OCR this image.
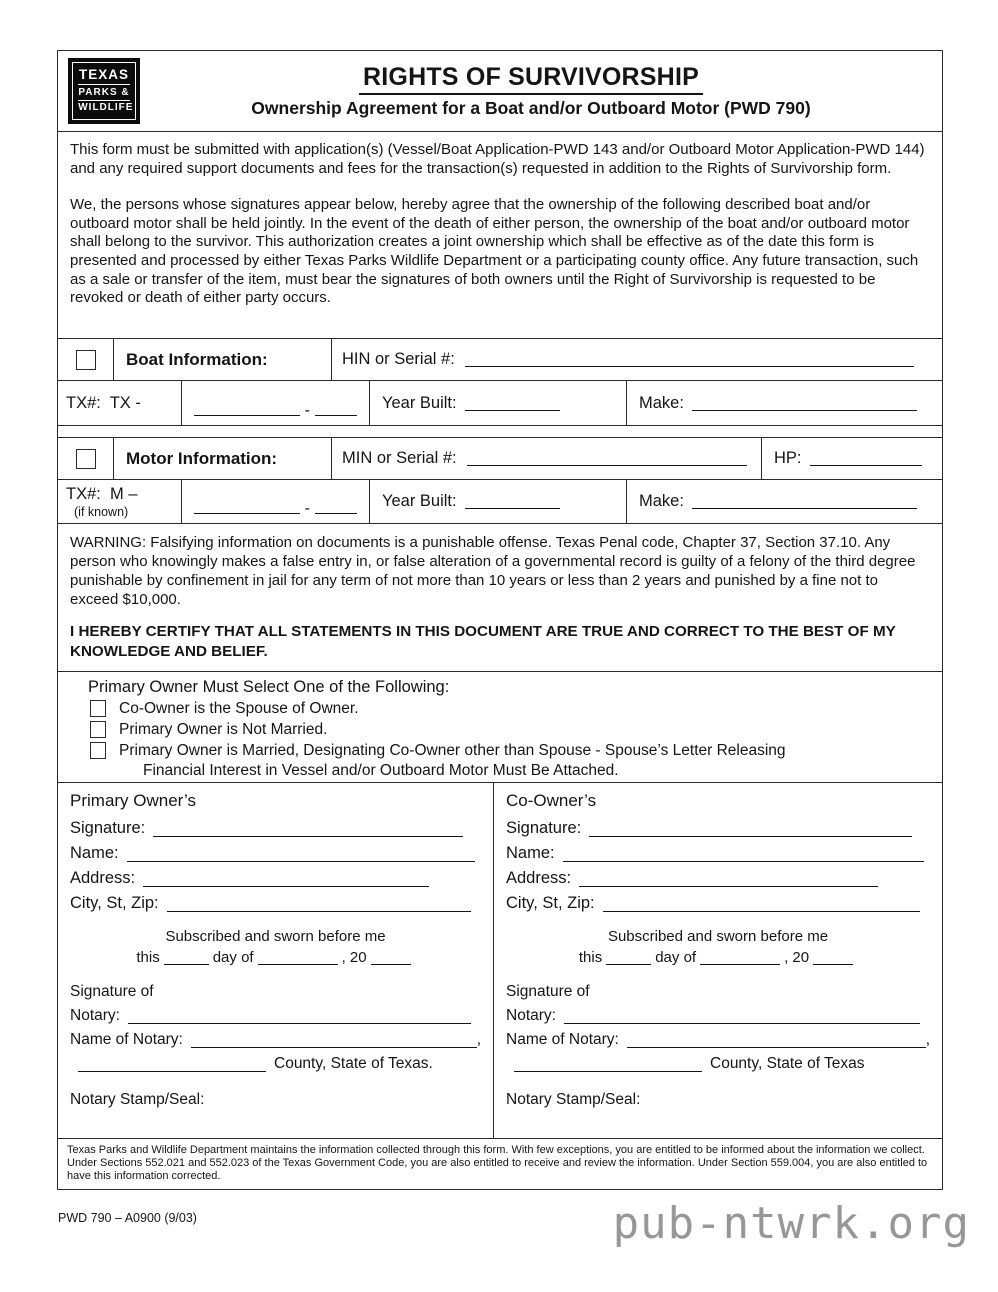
TEXAS
PARKS &
WILDLIFE
RIGHTS OF SURVIVORSHIP
Ownership Agreement for a Boat and/or Outboard Motor (PWD 790)

This form must be submitted with application(s) (Vessel/Boat Application-PWD 143 and/or Outboard Motor Application-PWD 144) and any required support documents and fees for the transaction(s) requested in addition to the Rights of Survivorship form.

We, the persons whose signatures appear below, hereby agree that the ownership of the following described boat and/or outboard motor shall be held jointly. In the event of the death of either person, the ownership of the boat and/or outboard motor shall belong to the survivor. This authorization creates a joint ownership which shall be effective as of the date this form is presented and processed by either Texas Parks Wildlife Department or a participating county office. Any future transaction, such as a sale or transfer of the item, must bear the signatures of both owners until the Right of Survivorship is requested to be revoked or death of either party occurs.

Boat Information:	HIN or Serial #:
TX#:  TX -	-	Year Built:	Make:
Motor Information:	MIN or Serial #:	HP:
TX#:  M –
(if known)	-	Year Built:	Make:
WARNING: Falsifying information on documents is a punishable offense. Texas Penal code, Chapter 37, Section 37.10. Any person who knowingly makes a false entry in, or false alteration of a governmental record is guilty of a felony of the third degree punishable by confinement in jail for any term of not more than 10 years or less than 2 years and punished by a fine not to exceed $10,000.
I HEREBY CERTIFY THAT ALL STATEMENTS IN THIS DOCUMENT ARE TRUE AND CORRECT TO THE BEST OF MY KNOWLEDGE AND BELIEF.
Primary Owner Must Select One of the Following:
Co-Owner is the Spouse of Owner.
Primary Owner is Not Married.
Primary Owner is Married, Designating Co-Owner other than Spouse - Spouse’s Letter Releasing
Financial Interest in Vessel and/or Outboard Motor Must Be Attached.
Primary Owner’s
Signature:
Name:
Address:
City, St, Zip:
Subscribed and sworn before me
this	day of	, 20
Signature of
Notary:
Name of Notary:	,
County, State of Texas.
Notary Stamp/Seal:
Co-Owner’s
Signature:
Name:
Address:
City, St, Zip:
Subscribed and sworn before me
this	day of	, 20
Signature of
Notary:
Name of Notary:	,
County, State of Texas
Notary Stamp/Seal:
Texas Parks and Wildlife Department maintains the information collected through this form. With few exceptions, you are entitled to be informed about the information we collect. Under Sections 552.021 and 552.023 of the Texas Government Code, you are also entitled to receive and review the information. Under Section 559.004, you are also entitled to have this information corrected.
PWD 790 – A0900 (9/03)	pub-ntwrk.org
